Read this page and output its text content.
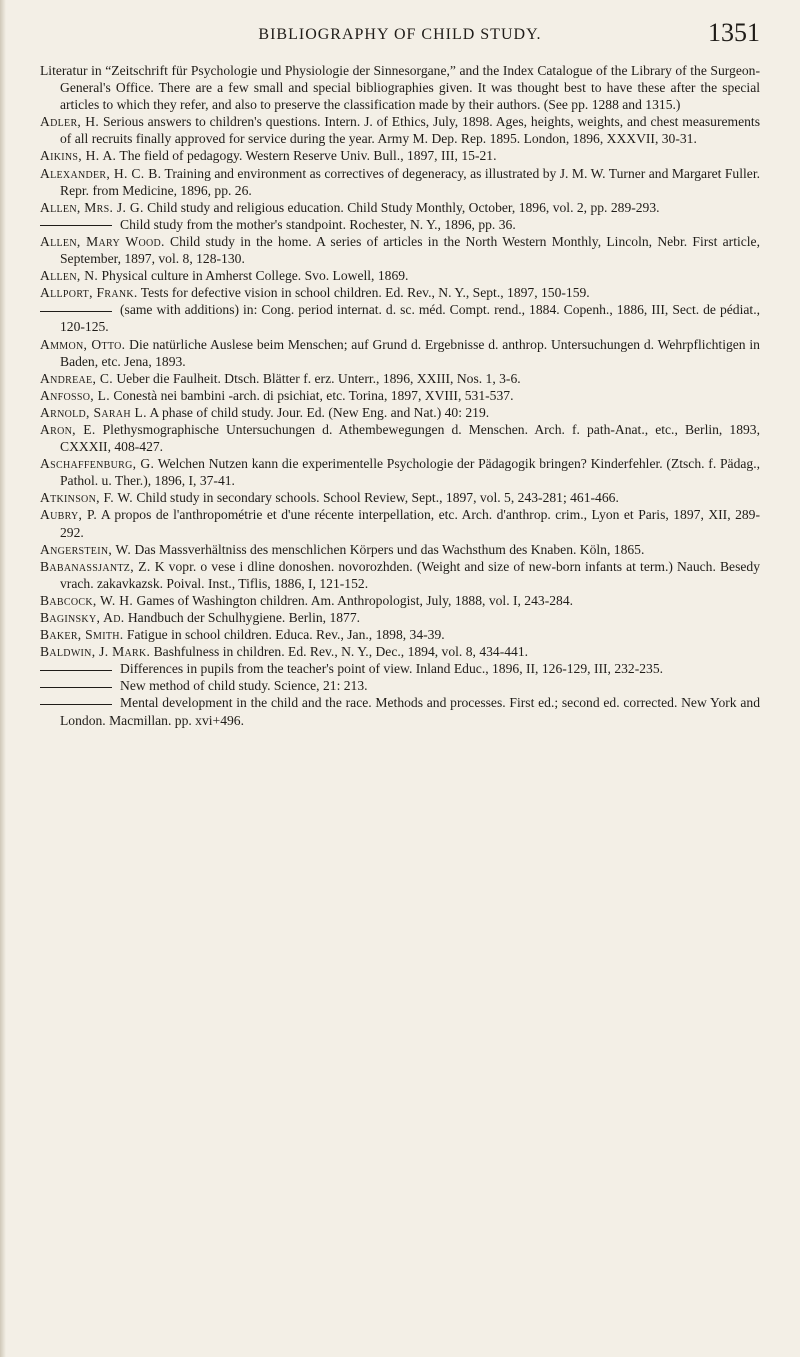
BIBLIOGRAPHY OF CHILD STUDY.	1351

Literatur in “Zeitschrift für Psychologie und Physiologie der Sinnesorgane,” and the Index Catalogue of the Library of the Surgeon-General's Office. There are a few small and special bibliographies given. It was thought best to have these after the special articles to which they refer, and also to preserve the classification made by their authors. (See pp. 1288 and 1315.)

Adler, H. Serious answers to children's questions. Intern. J. of Ethics, July, 1898. Ages, heights, weights, and chest measurements of all recruits finally approved for service during the year. Army M. Dep. Rep. 1895. London, 1896, XXXVII, 30-31.

Aikins, H. A. The field of pedagogy. Western Reserve Univ. Bull., 1897, III, 15-21.

Alexander, H. C. B. Training and environment as correctives of degeneracy, as illustrated by J. M. W. Turner and Margaret Fuller. Repr. from Medicine, 1896, pp. 26.

Allen, Mrs. J. G. Child study and religious education. Child Study Monthly, October, 1896, vol. 2, pp. 289-293.

Child study from the mother's standpoint. Rochester, N. Y., 1896, pp. 36.

Allen, Mary Wood. Child study in the home. A series of articles in the North Western Monthly, Lincoln, Nebr. First article, September, 1897, vol. 8, 128-130.

Allen, N. Physical culture in Amherst College. Svo. Lowell, 1869.

Allport, Frank. Tests for defective vision in school children. Ed. Rev., N. Y., Sept., 1897, 150-159.

(same with additions) in: Cong. period internat. d. sc. méd. Compt. rend., 1884. Copenh., 1886, III, Sect. de pédiat., 120-125.

Ammon, Otto. Die natürliche Auslese beim Menschen; auf Grund d. Ergebnisse d. anthrop. Untersuchungen d. Wehrpflichtigen in Baden, etc. Jena, 1893.

Andreae, C. Ueber die Faulheit. Dtsch. Blätter f. erz. Unterr., 1896, XXIII, Nos. 1, 3-6.

Anfosso, L. Conestà nei bambini -arch. di psichiat, etc. Torina, 1897, XVIII, 531-537.

Arnold, Sarah L. A phase of child study. Jour. Ed. (New Eng. and Nat.) 40: 219.

Aron, E. Plethysmographische Untersuchungen d. Athembewegungen d. Menschen. Arch. f. path-Anat., etc., Berlin, 1893, CXXXII, 408-427.

Aschaffenburg, G. Welchen Nutzen kann die experimentelle Psychologie der Pädagogik bringen? Kinderfehler. (Ztsch. f. Pädag., Pathol. u. Ther.), 1896, I, 37-41.

Atkinson, F. W. Child study in secondary schools. School Review, Sept., 1897, vol. 5, 243-281; 461-466.

Aubry, P. A propos de l'anthropométrie et d'une récente interpellation, etc. Arch. d'anthrop. crim., Lyon et Paris, 1897, XII, 289-292.

Angerstein, W. Das Massverhältniss des menschlichen Körpers und das Wachsthum des Knaben. Köln, 1865.

Babanassjantz, Z. K vopr. o vese i dline donoshen. novorozhden. (Weight and size of new-born infants at term.) Nauch. Besedy vrach. zakavkazsk. Poival. Inst., Tiflis, 1886, I, 121-152.

Babcock, W. H. Games of Washington children. Am. Anthropologist, July, 1888, vol. I, 243-284.

Baginsky, Ad. Handbuch der Schulhygiene. Berlin, 1877.

Baker, Smith. Fatigue in school children. Educa. Rev., Jan., 1898, 34-39.

Baldwin, J. Mark. Bashfulness in children. Ed. Rev., N. Y., Dec., 1894, vol. 8, 434-441.

Differences in pupils from the teacher's point of view. Inland Educ., 1896, II, 126-129, III, 232-235.

New method of child study. Science, 21: 213.

Mental development in the child and the race. Methods and processes. First ed.; second ed. corrected. New York and London. Macmillan. pp. xvi+496.
